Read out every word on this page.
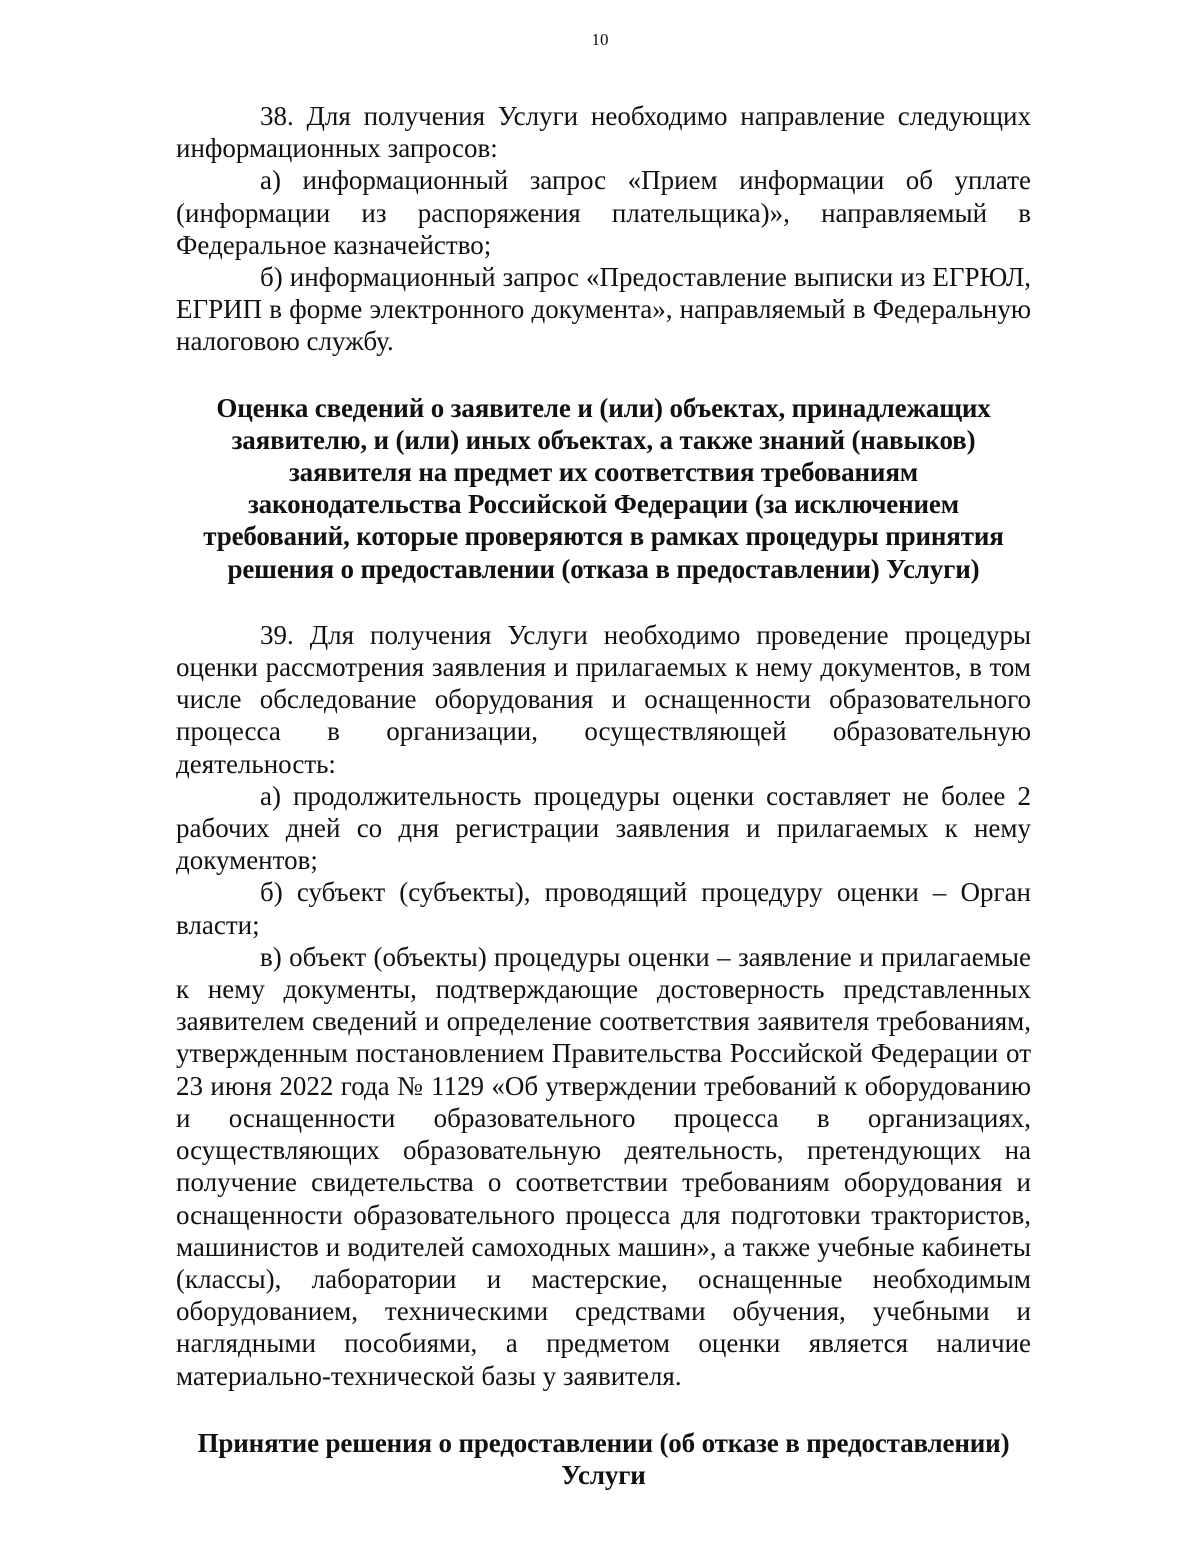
10

38. Для получения Услуги необходимо направление следующих информационных запросов:

а) информационный запрос «Прием информации об уплате (информации из распоряжения плательщика)», направляемый в Федеральное казначейство;

б) информационный запрос «Предоставление выписки из ЕГРЮЛ, ЕГРИП в форме электронного документа», направляемый в Федеральную налоговою службу.

Оценка сведений о заявителе и (или) объектах, принадлежащих заявителю, и (или) иных объектах, а также знаний (навыков) заявителя на предмет их соответствия требованиям законодательства Российской Федерации (за исключением требований, которые проверяются в рамках процедуры принятия решения о предоставлении (отказа в предоставлении) Услуги)

39. Для получения Услуги необходимо проведение процедуры оценки рассмотрения заявления и прилагаемых к нему документов, в том числе обследование оборудования и оснащенности образовательного процесса в организации, осуществляющей образовательную деятельность:

а) продолжительность процедуры оценки составляет не более 2 рабочих дней со дня регистрации заявления и прилагаемых к нему документов;

б) субъект (субъекты), проводящий процедуру оценки – Орган власти;

в) объект (объекты) процедуры оценки – заявление и прилагаемые к нему документы, подтверждающие достоверность представленных заявителем сведений и определение соответствия заявителя требованиям, утвержденным постановлением Правительства Российской Федерации от 23 июня 2022 года № 1129 «Об утверждении требований к оборудованию и оснащенности образовательного процесса в организациях, осуществляющих образовательную деятельность, претендующих на получение свидетельства о соответствии требованиям оборудования и оснащенности образовательного процесса для подготовки трактористов, машинистов и водителей самоходных машин», а также учебные кабинеты (классы), лаборатории и мастерские, оснащенные необходимым оборудованием, техническими средствами обучения, учебными и наглядными пособиями, а предметом оценки является наличие материально-технической базы у заявителя.

Принятие решения о предоставлении (об отказе в предоставлении) Услуги
